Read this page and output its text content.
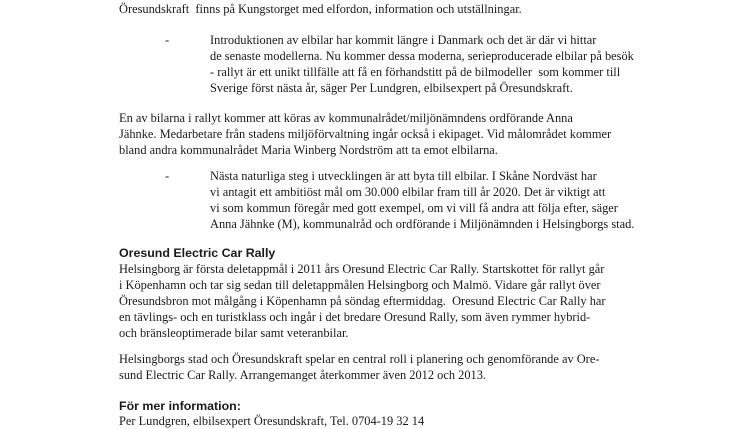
Öresundskraft  finns på Kungstorget med elfordon, information och utställningar.
-	Introduktionen av elbilar har kommit längre i Danmark och det är där vi hittar
de senaste modellerna. Nu kommer dessa moderna, serieproducerade elbilar på besök
- rallyt är ett unikt tillfälle att få en förhandstitt på de bilmodeller  som kommer till
Sverige först nästa år, säger Per Lundgren, elbilsexpert på Öresundskraft.
En av bilarna i rallyt kommer att köras av kommunalrådet/miljönämndens ordförande Anna
Jähnke. Medarbetare från stadens miljöförvaltning ingår också i ekipaget. Vid målområdet kommer
bland andra kommunalrådet Maria Winberg Nordström att ta emot elbilarna.
-	Nästa naturliga steg i utvecklingen är att byta till elbilar. I Skåne Nordväst har
vi antagit ett ambitiöst mål om 30.000 elbilar fram till år 2020. Det är viktigt att
vi som kommun föregår med gott exempel, om vi vill få andra att följa efter, säger
Anna Jähnke (M), kommunalråd och ordförande i Miljönämnden i Helsingborgs stad.
Oresund Electric Car Rally
Helsingborg är första deletappmål i 2011 års Oresund Electric Car Rally. Startskottet för rallyt går
i Köpenhamn och tar sig sedan till deletappmålen Helsingborg och Malmö. Vidare går rallyt över
Öresundsbron mot målgång i Köpenhamn på söndag eftermiddag.  Oresund Electric Car Rally har
en tävlings- och en turistklass och ingår i det bredare Oresund Rally, som även rymmer hybrid-
och bränsleoptimerade bilar samt veteranbilar.
Helsingborgs stad och Öresundskraft spelar en central roll i planering och genomförande av Ore-
sund Electric Car Rally. Arrangemanget återkommer även 2012 och 2013.
För mer information:
Per Lundgren, elbilsexpert Öresundskraft, Tel. 0704-19 32 14
